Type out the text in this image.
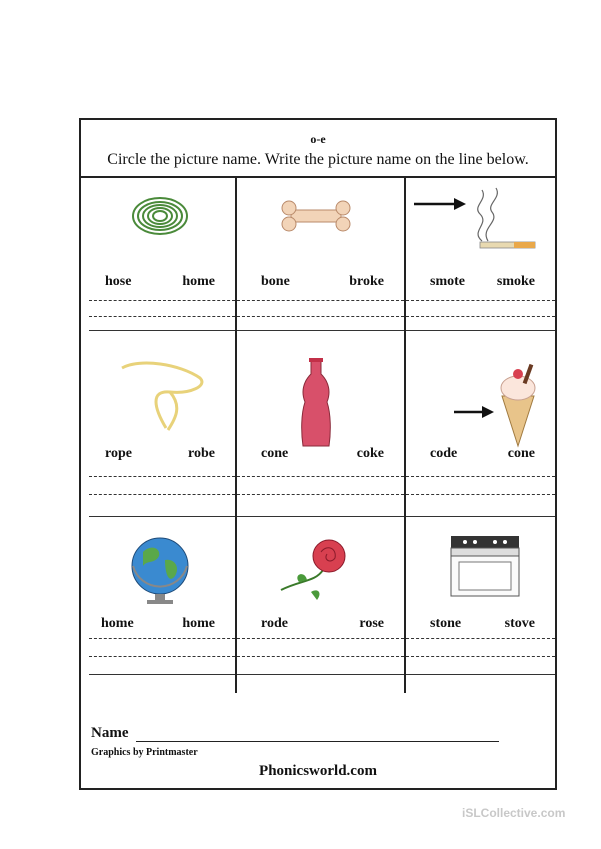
o-e
Circle the picture name. Write the picture name on the line below.
hose	home	bone	broke	smote smoke
rope	robe	cone	coke	code	cone
home	home	rode	rose	stone	stove
Name
Graphics by Printmaster
Phonicsworld.com
iSLCollective.com
